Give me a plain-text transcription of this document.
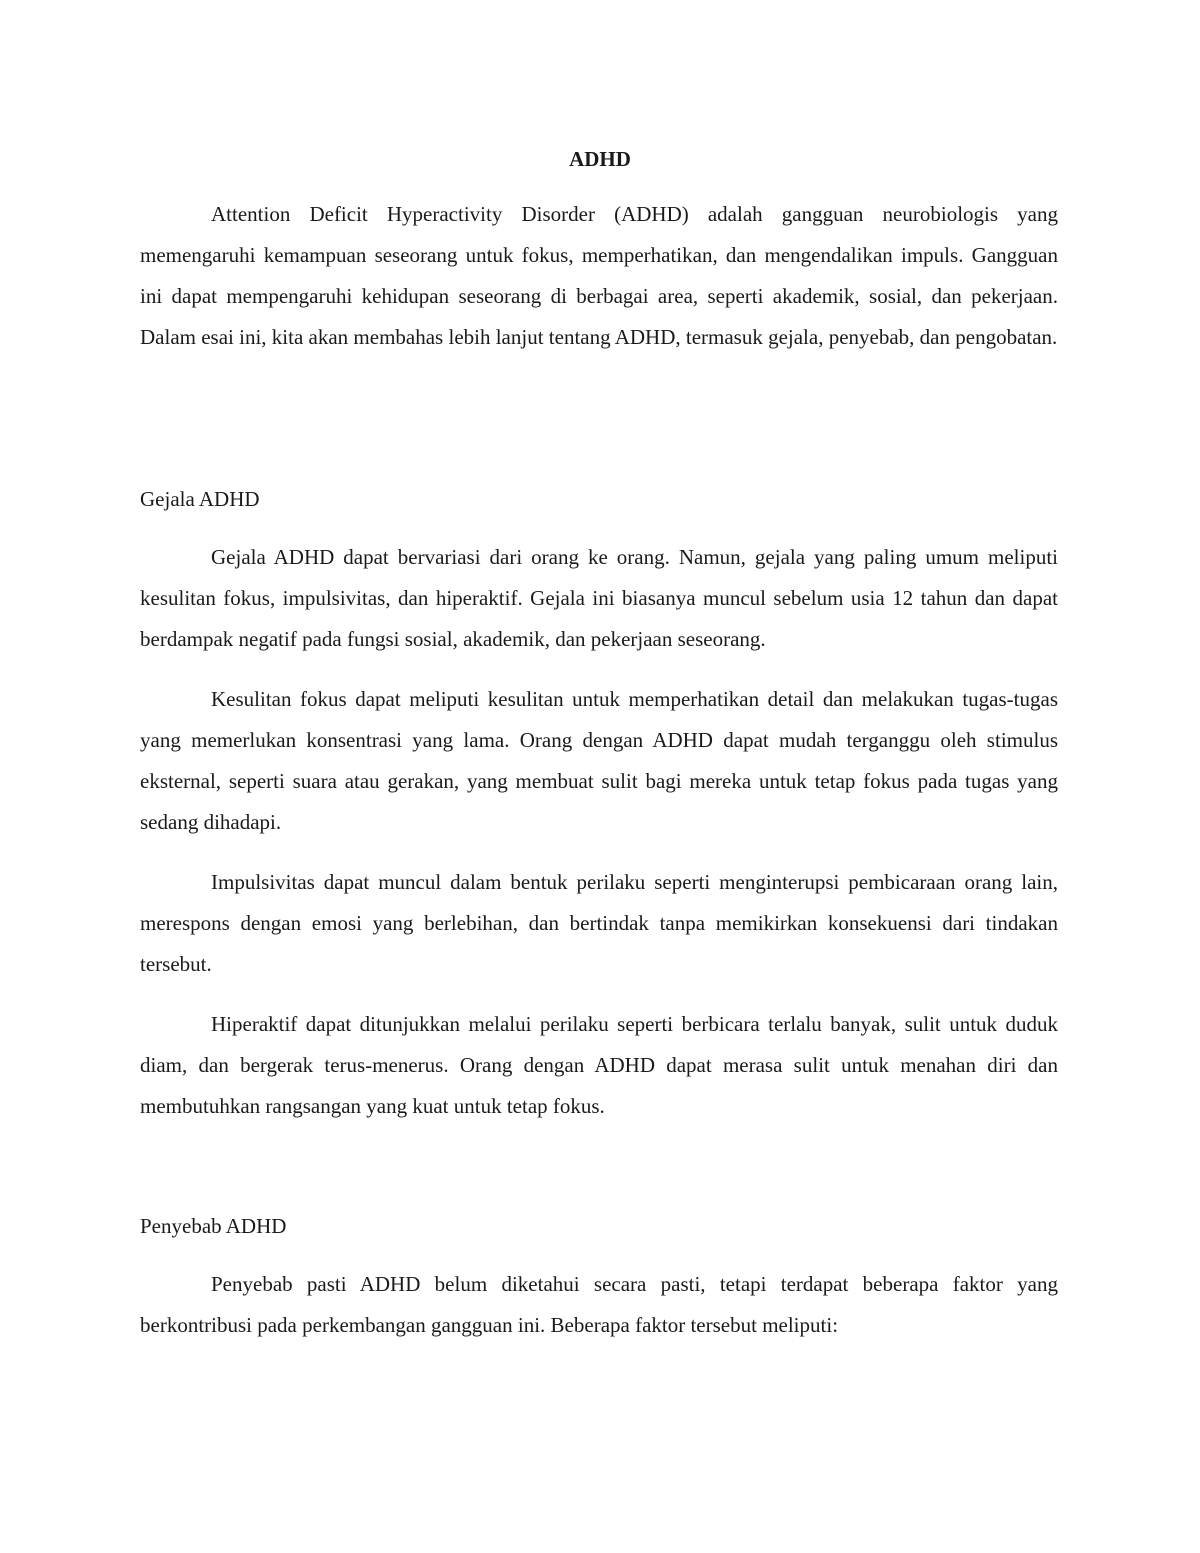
ADHD

Attention Deficit Hyperactivity Disorder (ADHD) adalah gangguan neurobiologis yang memengaruhi kemampuan seseorang untuk fokus, memperhatikan, dan mengendalikan impuls. Gangguan ini dapat mempengaruhi kehidupan seseorang di berbagai area, seperti akademik, sosial, dan pekerjaan. Dalam esai ini, kita akan membahas lebih lanjut tentang ADHD, termasuk gejala, penyebab, dan pengobatan.

Gejala ADHD

Gejala ADHD dapat bervariasi dari orang ke orang. Namun, gejala yang paling umum meliputi kesulitan fokus, impulsivitas, dan hiperaktif. Gejala ini biasanya muncul sebelum usia 12 tahun dan dapat berdampak negatif pada fungsi sosial, akademik, dan pekerjaan seseorang.

Kesulitan fokus dapat meliputi kesulitan untuk memperhatikan detail dan melakukan tugas-tugas yang memerlukan konsentrasi yang lama. Orang dengan ADHD dapat mudah terganggu oleh stimulus eksternal, seperti suara atau gerakan, yang membuat sulit bagi mereka untuk tetap fokus pada tugas yang sedang dihadapi.

Impulsivitas dapat muncul dalam bentuk perilaku seperti menginterupsi pembicaraan orang lain, merespons dengan emosi yang berlebihan, dan bertindak tanpa memikirkan konsekuensi dari tindakan tersebut.

Hiperaktif dapat ditunjukkan melalui perilaku seperti berbicara terlalu banyak, sulit untuk duduk diam, dan bergerak terus-menerus. Orang dengan ADHD dapat merasa sulit untuk menahan diri dan membutuhkan rangsangan yang kuat untuk tetap fokus.

Penyebab ADHD

Penyebab pasti ADHD belum diketahui secara pasti, tetapi terdapat beberapa faktor yang berkontribusi pada perkembangan gangguan ini. Beberapa faktor tersebut meliputi:
